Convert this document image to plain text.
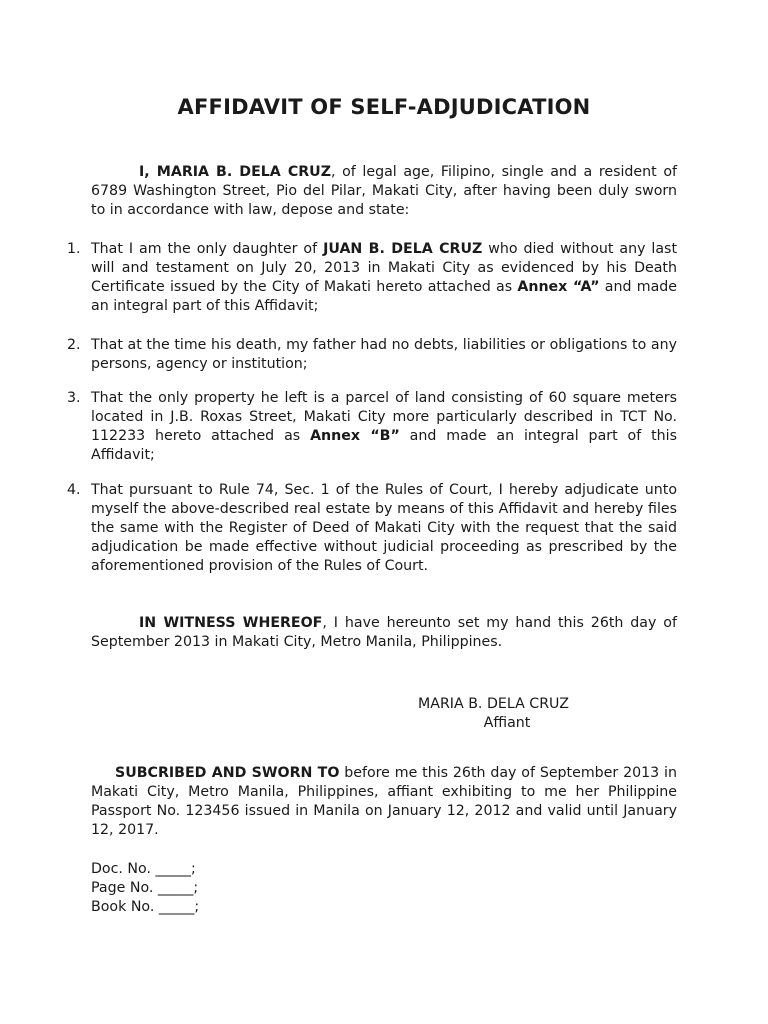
AFFIDAVIT OF SELF-ADJUDICATION
I, MARIA B. DELA CRUZ, of legal age, Filipino, single and a resident of 6789 Washington Street, Pio del Pilar, Makati City, after having been duly sworn to in accordance with law, depose and state:
1. That I am the only daughter of JUAN B. DELA CRUZ who died without any last will and testament on July 20, 2013 in Makati City as evidenced by his Death Certificate issued by the City of Makati hereto attached as Annex “A” and made an integral part of this Affidavit;
2. That at the time his death, my father had no debts, liabilities or obligations to any persons, agency or institution;
3. That the only property he left is a parcel of land consisting of 60 square meters located in J.B. Roxas Street, Makati City more particularly described in TCT No. 112233 hereto attached as Annex “B” and made an integral part of this Affidavit;
4. That pursuant to Rule 74, Sec. 1 of the Rules of Court, I hereby adjudicate unto myself the above-described real estate by means of this Affidavit and hereby files the same with the Register of Deed of Makati City with the request that the said adjudication be made effective without judicial proceeding as prescribed by the aforementioned provision of the Rules of Court.
IN WITNESS WHEREOF, I have hereunto set my hand this 26th day of September 2013 in Makati City, Metro Manila, Philippines.
MARIA B. DELA CRUZ
Affiant
SUBCRIBED AND SWORN TO before me this 26th day of September 2013 in Makati City, Metro Manila, Philippines, affiant exhibiting to me her Philippine Passport No. 123456 issued in Manila on January 12, 2012 and valid until January 12, 2017.
Doc. No. _____;
Page No. _____;
Book No. _____;
